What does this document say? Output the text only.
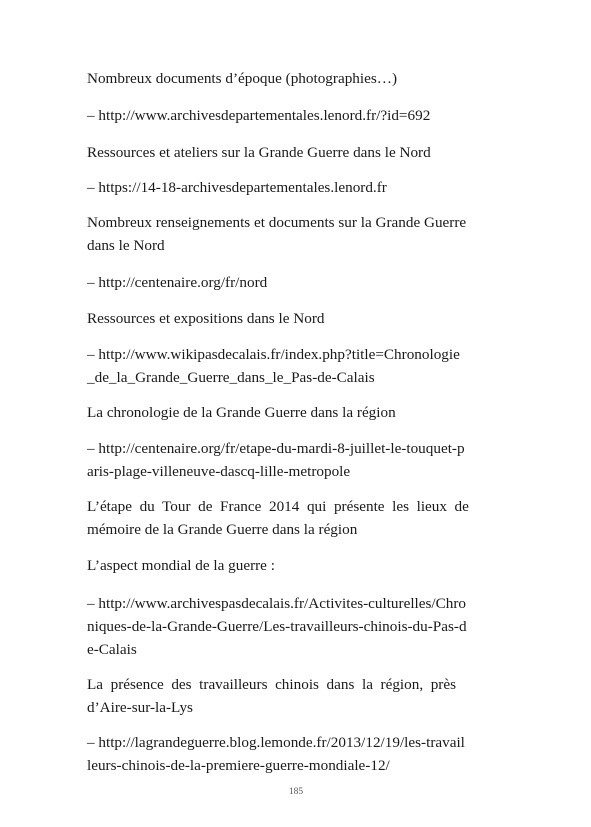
Nombreux documents d’époque (photographies…)

– http://www.archivesdepartementales.lenord.fr/?id=692

Ressources et ateliers sur la Grande Guerre dans le Nord

– https://14-18-archivesdepartementales.lenord.fr

Nombreux renseignements et documents sur la Grande Guerre
dans le Nord

– http://centenaire.org/fr/nord

Ressources et expositions dans le Nord

– http://www.wikipasdecalais.fr/index.php?title=Chronologie
_de_la_Grande_Guerre_dans_le_Pas-de-Calais

La chronologie de la Grande Guerre dans la région

– http://centenaire.org/fr/etape-du-mardi-8-juillet-le-touquet-p
aris-plage-villeneuve-dascq-lille-metropole

L’étape  du  Tour  de  France  2014  qui  présente  les  lieux  de
mémoire de la Grande Guerre dans la région

L’aspect mondial de la guerre :

– http://www.archivespasdecalais.fr/Activites-culturelles/Chro
niques-de-la-Grande-Guerre/Les-travailleurs-chinois-du-Pas-d
e-Calais

La  présence  des  travailleurs  chinois  dans  la  région,  près
d’Aire-sur-la-Lys

– http://lagrandeguerre.blog.lemonde.fr/2013/12/19/les-travail
leurs-chinois-de-la-premiere-guerre-mondiale-12/

185
